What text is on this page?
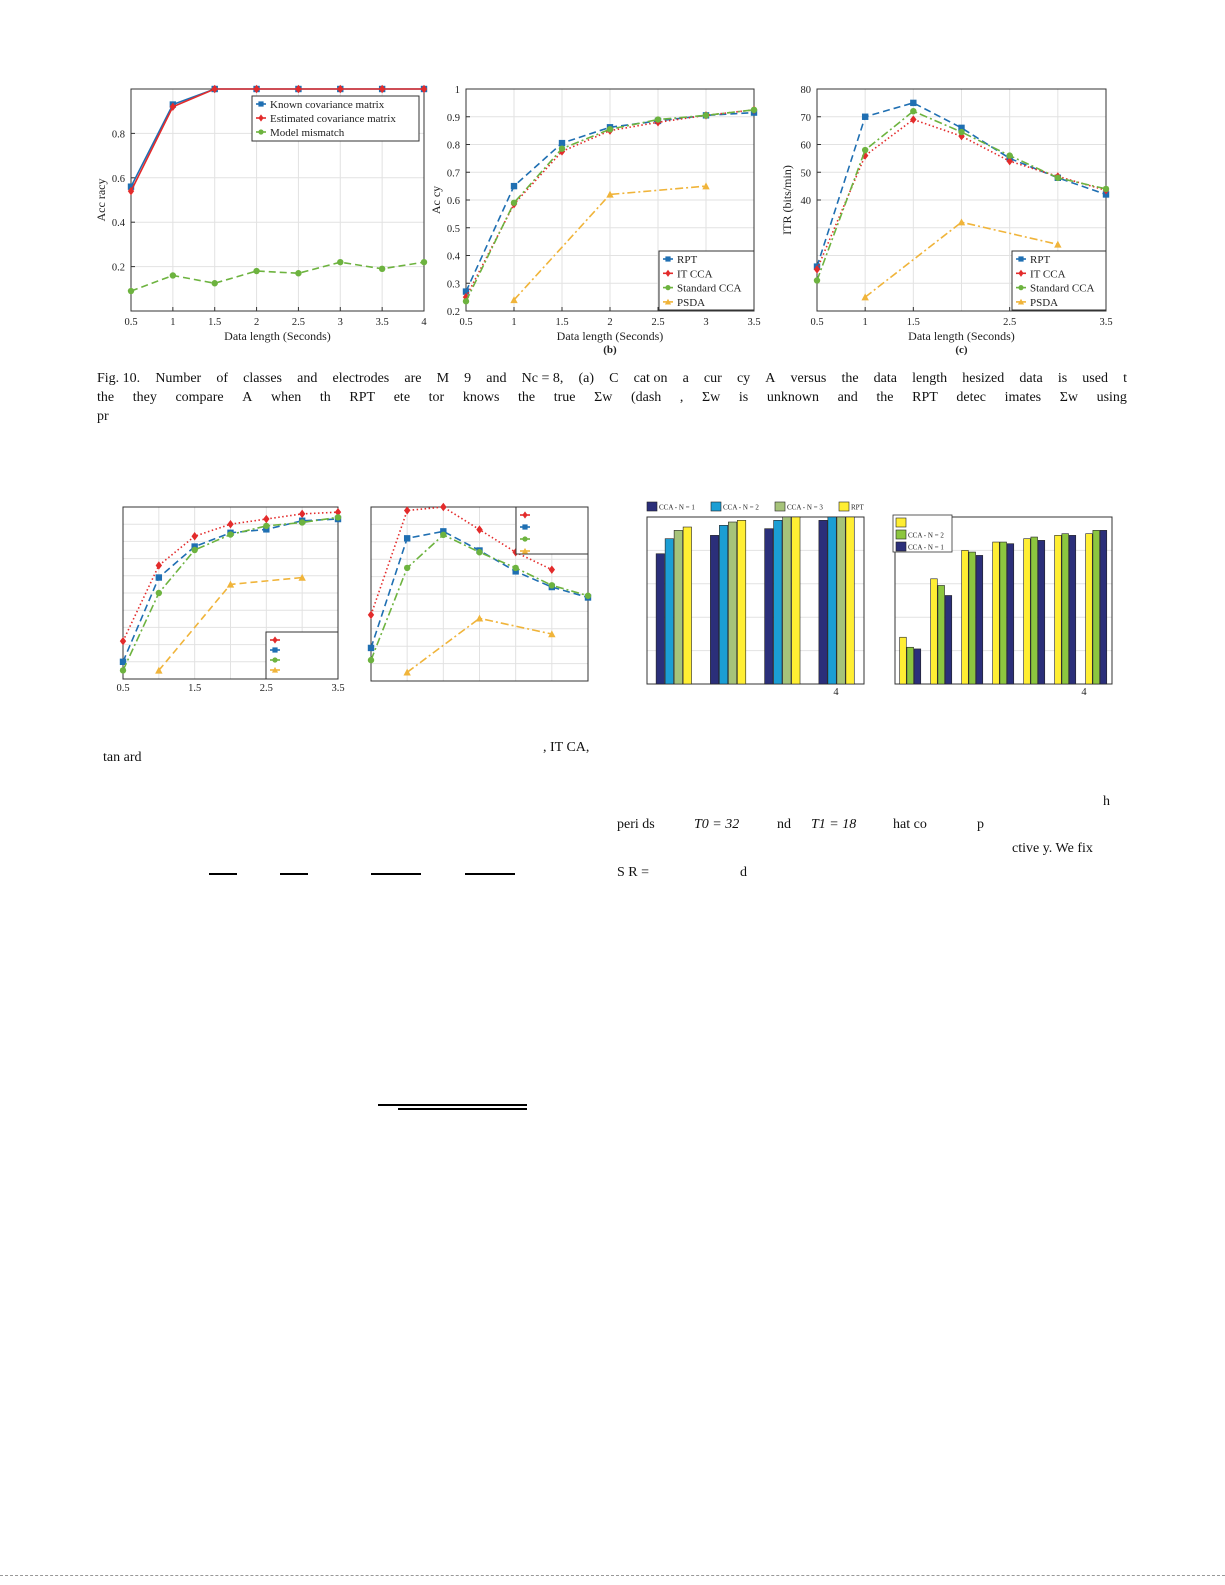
0.5	1	1.5	2	2.5	3	3.5	4
0.2
0.4
0.6
0.8
Data length (Seconds)
Acc racy
Known covariance matrix
Estimated covariance matrix
Model mismatch
0.5	1	1.5	2	2.5	3	3.5
0.2
0.3
0.4
0.5
0.6
0.7
0.8
0.9
1
Data length (Seconds)
Ac cy
(b)
RPT
IT CCA
Standard CCA
PSDA
0.5	1	1.5	2.5	3.5
40
50
60
70
80
Data length (Seconds)
ITR (bits/min)
(c)
RPT
IT CCA
Standard CCA
PSDA
Fig. 10. Number of classes and electrodes are M 9 and Nc = 8, (a) C cat on a cur cy A versus the data length hesized data is used t
the they compare A when th RPT ete tor knows the true Σw (dash , Σw is unknown and the RPT detec imates Σw using
pr
0.5	1.5	2.5	3.5	4
CCA - N = 1	CCA - N = 2	CCA - N = 3	RPT
4
CCA - N = 2
CCA - N = 1
, IT CA,
tan ard
h
peri ds	T0 = 32	nd T1 = 18	hat co	p
ctive y. We fix
S R =	d
